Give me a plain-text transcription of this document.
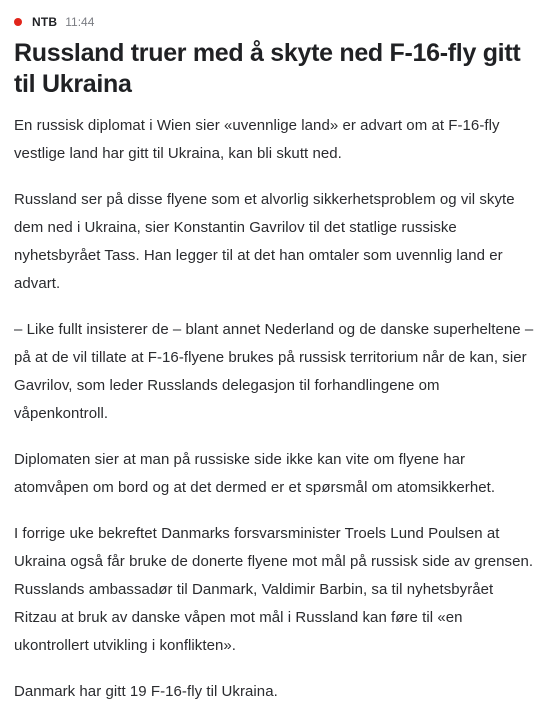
NTB 11:44
Russland truer med å skyte ned F-16-fly gitt til Ukraina

En russisk diplomat i Wien sier «uvennlige land» er advart om at F-16-fly vestlige land har gitt til Ukraina, kan bli skutt ned.

Russland ser på disse flyene som et alvorlig sikkerhetsproblem og vil skyte dem ned i Ukraina, sier Konstantin Gavrilov til det statlige russiske nyhetsbyrået Tass. Han legger til at det han omtaler som uvennlig land er advart.

– Like fullt insisterer de – blant annet Nederland og de danske superheltene – på at de vil tillate at F-16-flyene brukes på russisk territorium når de kan, sier Gavrilov, som leder Russlands delegasjon til forhandlingene om våpenkontroll.

Diplomaten sier at man på russiske side ikke kan vite om flyene har atomvåpen om bord og at det dermed er et spørsmål om atomsikkerhet.

I forrige uke bekreftet Danmarks forsvarsminister Troels Lund Poulsen at Ukraina også får bruke de donerte flyene mot mål på russisk side av grensen. Russlands ambassadør til Danmark, Valdimir Barbin, sa til nyhetsbyrået Ritzau at bruk av danske våpen mot mål i Russland kan føre til «en ukontrollert utvikling i konflikten».

Danmark har gitt 19 F-16-fly til Ukraina.
